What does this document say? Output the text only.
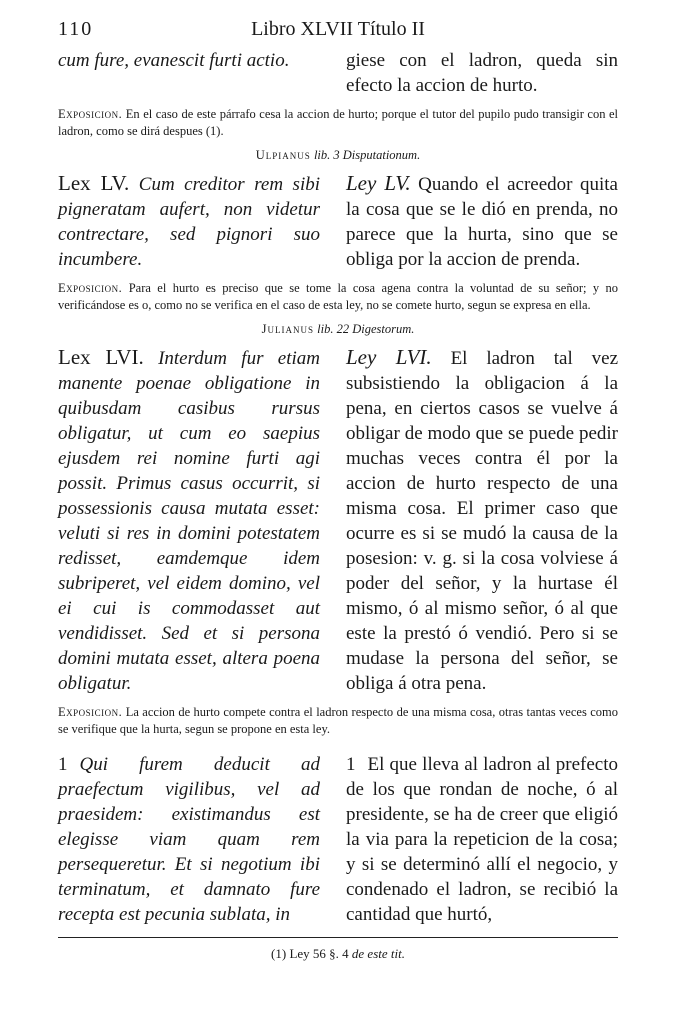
110	Libro XLVII Título II

cum fure, evanescit furti actio.	giese con el ladron, queda sin efecto la accion de hurto.

Exposicion. En el caso de este párrafo cesa la accion de hurto; porque el tutor del pupilo pudo transigir con el ladron, como se dirá despues (1).
Ulpianus lib. 3 Disputationum.

Lex LV. Cum creditor rem sibi pigneratam aufert, non videtur contrectare, sed pignori suo incumbere.

Ley LV. Quando el acreedor quita la cosa que se le dió en prenda, no parece que la hurta, sino que se obliga por la accion de prenda.

Exposicion. Para el hurto es preciso que se tome la cosa agena contra la voluntad de su señor; y no verificándose es o, como no se verifica en el caso de esta ley, no se comete hurto, segun se expresa en ella.
Julianus lib. 22 Digestorum.

Lex LVI. Interdum fur etiam manente poenae obligatione in quibusdam casibus rursus obligatur, ut cum eo saepius ejusdem rei nomine furti agi possit. Primus casus occurrit, si possessionis causa mutata esset: veluti si res in domini potestatem redisset, eamdemque idem subriperet, vel eidem domino, vel ei cui is commodasset aut vendidisset. Sed et si persona domini mutata esset, altera poena obligatur.

Ley LVI. El ladron tal vez subsistiendo la obligacion á la pena, en ciertos casos se vuelve á obligar de modo que se puede pedir muchas veces contra él por la accion de hurto respecto de una misma cosa. El primer caso que ocurre es si se mudó la causa de la posesion: v. g. si la cosa volviese á poder del señor, y la hurtase él mismo, ó al mismo señor, ó al que este la prestó ó vendió. Pero si se mudase la persona del señor, se obliga á otra pena.

Exposicion. La accion de hurto compete contra el ladron respecto de una misma cosa, otras tantas veces como se verifique que la hurta, segun se propone en esta ley.

1 Qui furem deducit ad praefectum vigilibus, vel ad praesidem: existimandus est elegisse viam quam rem persequeretur. Et si negotium ibi terminatum, et damnato fure recepta est pecunia sublata, in

1 El que lleva al ladron al prefecto de los que rondan de noche, ó al presidente, se ha de creer que eligió la via para la repeticion de la cosa; y si se determinó allí el negocio, y condenado el ladron, se recibió la cantidad que hurtó,

(1) Ley 56 §. 4 de este tit.
